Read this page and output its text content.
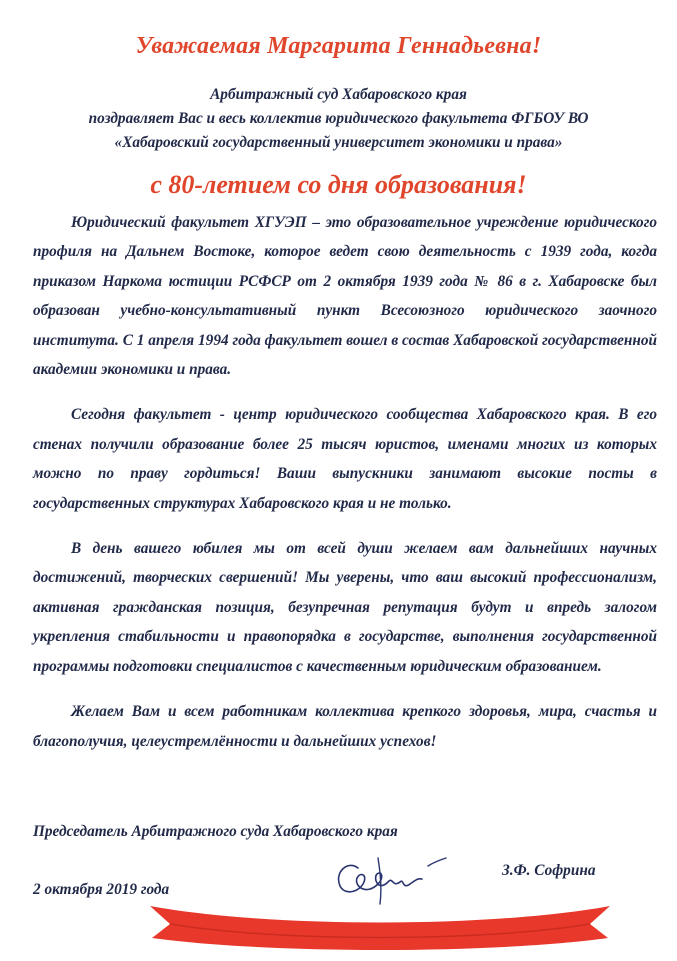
Уважаемая Маргарита Геннадьевна!
Арбитражный суд Хабаровского края
поздравляет Вас и весь коллектив юридического факультета ФГБОУ ВО
«Хабаровский государственный университет экономики и права»
с 80-летием со дня образования!

Юридический факультет ХГУЭП – это образовательное учреждение юридического профиля на Дальнем Востоке, которое ведет свою деятельность с 1939 года, когда приказом Наркома юстиции РСФСР от 2 октября 1939 года № 86 в г. Хабаровске был образован учебно-консультативный пункт Всесоюзного юридического заочного института. С 1 апреля 1994 года факультет вошел в состав Хабаровской государственной академии экономики и права.

Сегодня факультет - центр юридического сообщества Хабаровского края. В его стенах получили образование более 25 тысяч юристов, именами многих из которых можно по праву гордиться! Ваши выпускники занимают высокие посты в государственных структурах Хабаровского края и не только.

В день вашего юбилея мы от всей души желаем вам дальнейших научных достижений, творческих свершений! Мы уверены, что ваш высокий профессионализм, активная гражданская позиция, безупречная репутация будут и впредь залогом укрепления стабильности и правопорядка в государстве, выполнения государственной программы подготовки специалистов с качественным юридическим образованием.

Желаем Вам и всем работникам коллектива крепкого здоровья, мира, счастья и благополучия, целеустремлённости и дальнейших успехов!

Председатель Арбитражного суда Хабаровского края
З.Ф. Софрина
2 октября 2019 года
